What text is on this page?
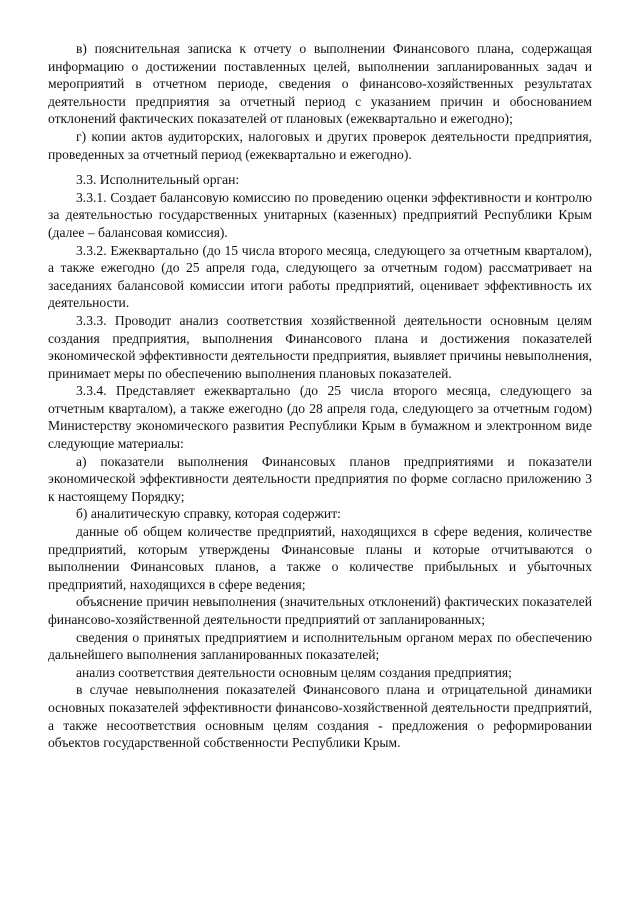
в) пояснительная записка к отчету о выполнении Финансового плана, содержащая информацию о достижении поставленных целей, выполнении запланированных задач и мероприятий в отчетном периоде, сведения о финансово-хозяйственных результатах деятельности предприятия за отчетный период с указанием причин и обоснованием отклонений фактических показателей от плановых (ежеквартально и ежегодно);

г) копии актов аудиторских, налоговых и других проверок деятельности предприятия, проведенных за отчетный период (ежеквартально и ежегодно).

3.3. Исполнительный орган:

3.3.1. Создает балансовую комиссию по проведению оценки эффективности и контролю за деятельностью государственных унитарных (казенных) предприятий Республики Крым (далее – балансовая комиссия).

3.3.2. Ежеквартально (до 15 числа второго месяца, следующего за отчетным кварталом), а также ежегодно (до 25 апреля года, следующего за отчетным годом) рассматривает на заседаниях балансовой комиссии итоги работы предприятий, оценивает эффективность их деятельности.

3.3.3. Проводит анализ соответствия хозяйственной деятельности основным целям создания предприятия, выполнения Финансового плана и достижения показателей экономической эффективности деятельности предприятия, выявляет причины невыполнения, принимает меры по обеспечению выполнения плановых показателей.

3.3.4. Представляет ежеквартально (до 25 числа второго месяца, следующего за отчетным кварталом), а также ежегодно (до 28 апреля года, следующего за отчетным годом) Министерству экономического развития Республики Крым в бумажном и электронном виде следующие материалы:

а) показатели выполнения Финансовых планов предприятиями и показатели экономической эффективности деятельности предприятия по форме согласно приложению 3 к настоящему Порядку;

б) аналитическую справку, которая содержит:

данные об общем количестве предприятий, находящихся в сфере ведения, количестве предприятий, которым утверждены Финансовые планы и которые отчитываются о выполнении Финансовых планов, а также о количестве прибыльных и убыточных предприятий, находящихся в сфере ведения;

объяснение причин невыполнения (значительных отклонений) фактических показателей финансово-хозяйственной деятельности предприятий от запланированных;

сведения о принятых предприятием и исполнительным органом мерах по обеспечению дальнейшего выполнения запланированных показателей;

анализ соответствия деятельности основным целям создания предприятия;

в случае невыполнения показателей Финансового плана и отрицательной динамики основных показателей эффективности финансово-хозяйственной деятельности предприятий, а также несоответствия основным целям создания - предложения о реформировании объектов государственной собственности Республики Крым.
